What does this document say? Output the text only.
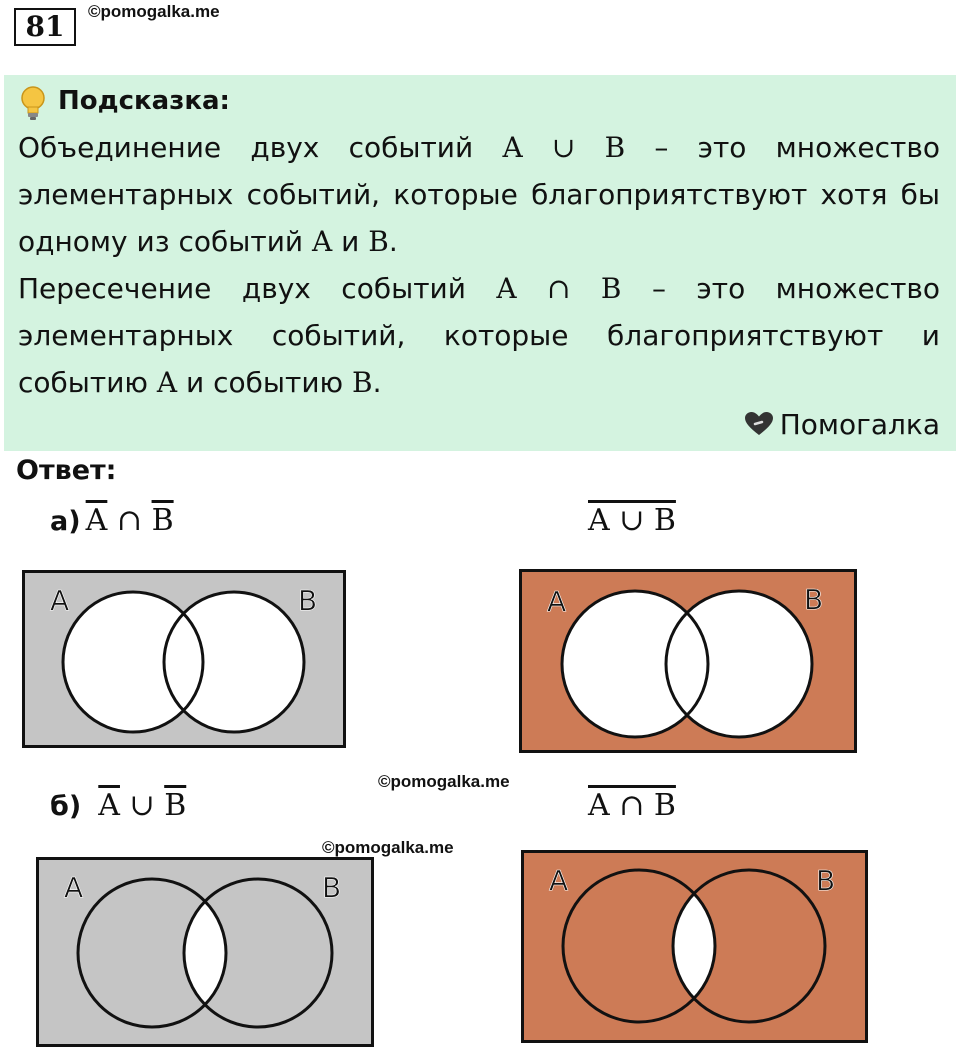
81	©pomogalka.me
Подсказка:
Объединение двух событий A ∪ B – это множество элементарных событий, которые благоприятствуют хотя бы одному из событий A и B.
Пересечение двух событий A ∩ B – это множество элементарных событий, которые благоприятствуют и событию A и событию B.
Помогалка
Ответ:
а) $\overline{A}$ ∩ $\overline{B}$	A ∪ B
A	B	A	B
©pomogalka.me
б) $\overline{A}$ ∪ $\overline{B}$	A ∩ B
©pomogalka.me
A	B	A	B
